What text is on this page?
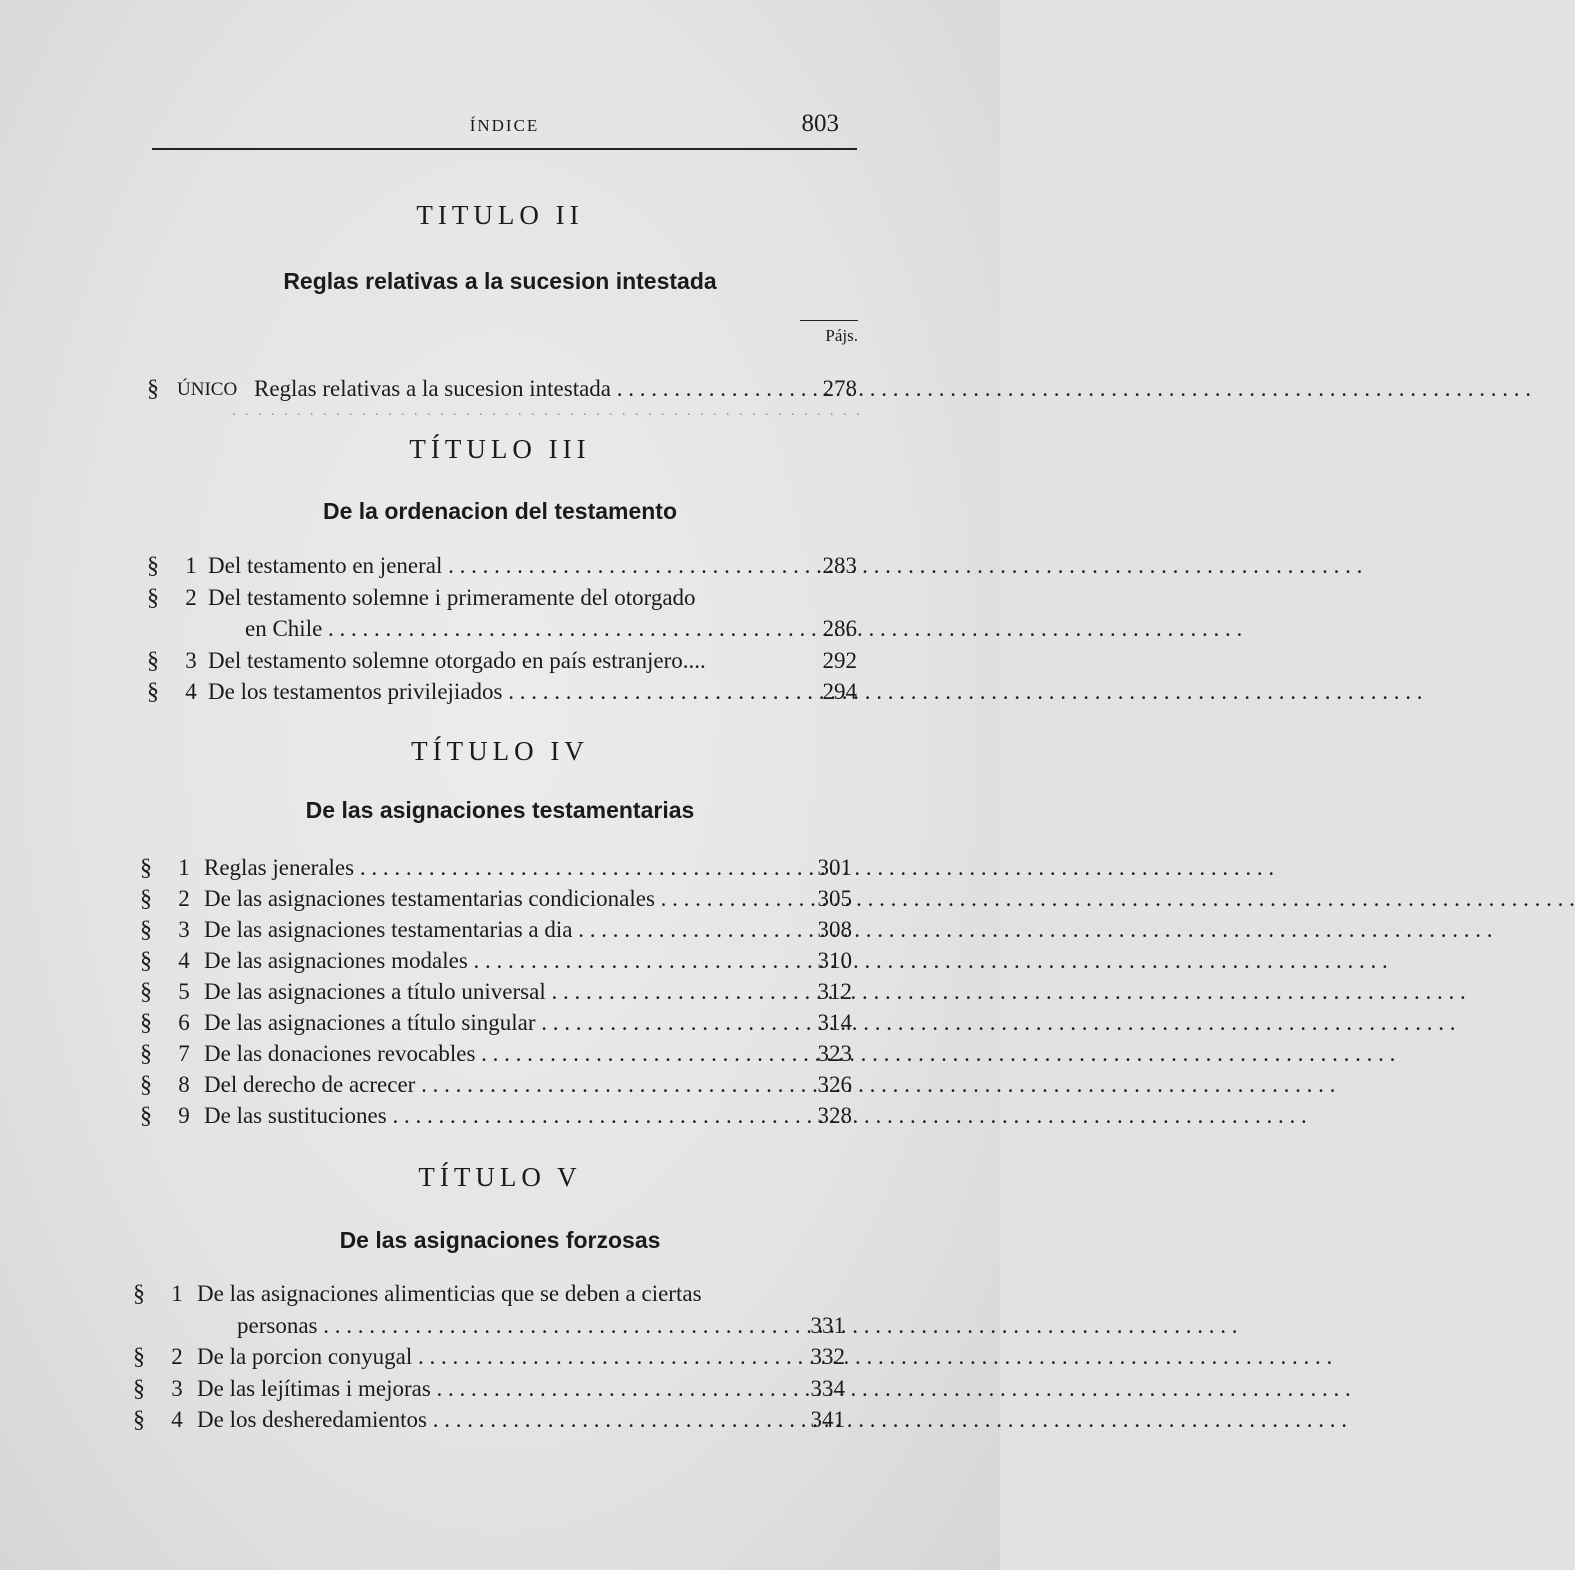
ÍNDICE	803
TITULO II
Reglas relativas a la sucesion intestada
Pájs.
§ ÚNICO Reglas relativas a la sucesion intestada . . .	278
. . . . . . . . . . . . . . . . . . . . . . . . . . . . . . . . . . . . . . . . . . . . . . . . .
TÍTULO III
De la ordenacion del testamento
§ 1 Del testamento en jeneral . . .	283
§ 2 Del testamento solemne i primeramente del otorgado
en Chile . . .	286
§ 3 Del testamento solemne otorgado en país estranjero....	292
§ 4 De los testamentos privilejiados . . .	294
TÍTULO IV
De las asignaciones testamentarias
§ 1 Reglas jenerales . . .	301
§ 2 De las asignaciones testamentarias condicionales . . .	305
§ 3 De las asignaciones testamentarias a dia . . .	308
§ 4 De las asignaciones modales . . .	310
§ 5 De las asignaciones a título universal . . .	312
§ 6 De las asignaciones a título singular . . .	314
§ 7 De las donaciones revocables . . .	323
§ 8 Del derecho de acrecer . . .	326
§ 9 De las sustituciones . . .	328
TÍTULO V
De las asignaciones forzosas
§ 1 De las asignaciones alimenticias que se deben a ciertas
personas . . .	331
§ 2 De la porcion conyugal . . .	332
§ 3 De las lejítimas i mejoras . . .	334
§ 4 De los desheredamientos . . .	341
